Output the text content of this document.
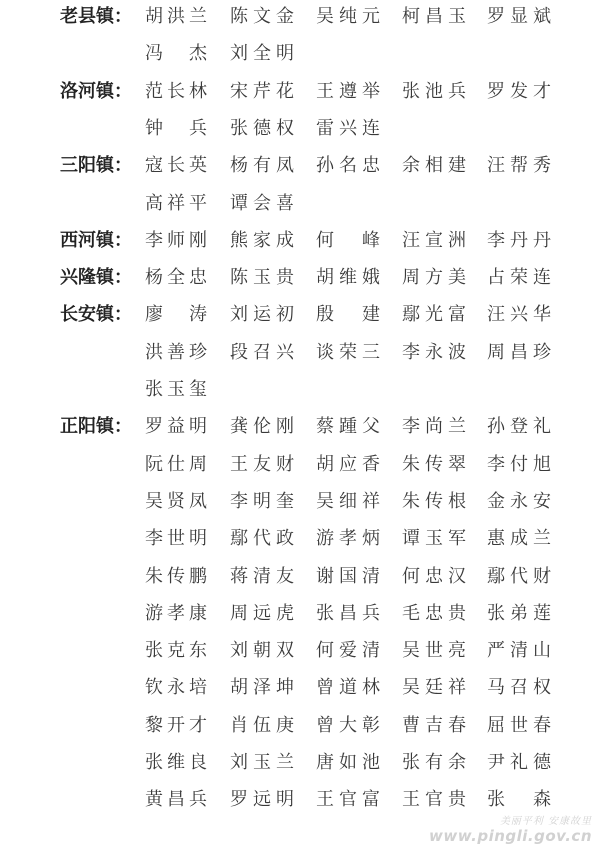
老县镇： 胡洪兰 陈文金 吴纯元 柯昌玉 罗显斌
冯杰 刘全明
洛河镇： 范长林 宋芹花 王遵举 张池兵 罗发才
钟兵 张德权 雷兴连
三阳镇： 寇长英 杨有凤 孙名忠 余相建 汪帮秀
高祥平 谭会喜
西河镇： 李师刚 熊家成 何峰 汪宣洲 李丹丹
兴隆镇： 杨全忠 陈玉贵 胡维娥 周方美 占荣连
长安镇： 廖涛 刘运初 殷建 鄢光富 汪兴华
洪善珍 段召兴 谈荣三 李永波 周昌珍
张玉玺
正阳镇： 罗益明 龚伦刚 蔡踵父 李尚兰 孙登礼
阮仕周 王友财 胡应香 朱传翠 李付旭
吴贤凤 李明奎 吴细祥 朱传根 金永安
李世明 鄢代政 游孝炳 谭玉军 惠成兰
朱传鹏 蒋清友 谢国清 何忠汉 鄢代财
游孝康 周远虎 张昌兵 毛忠贵 张弟莲
张克东 刘朝双 何爱清 吴世亮 严清山
钦永培 胡泽坤 曾道林 吴廷祥 马召权
黎开才 肖伍庚 曾大彰 曹吉春 屈世春
张维良 刘玉兰 唐如池 张有余 尹礼德
黄昌兵 罗远明 王官富 王官贵 张森
美丽平利 安康故里
www.pingli.gov.cn
